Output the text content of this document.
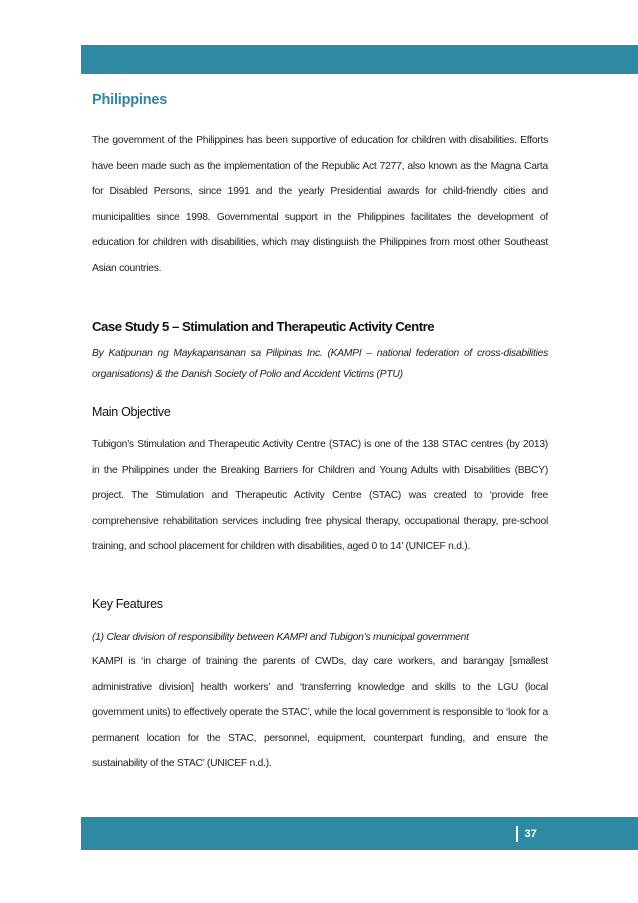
Philippines
The government of the Philippines has been supportive of education for children with disabilities. Efforts have been made such as the implementation of the Republic Act 7277, also known as the Magna Carta for Disabled Persons, since 1991 and the yearly Presidential awards for child-friendly cities and municipalities since 1998. Governmental support in the Philippines facilitates the development of education for children with disabilities, which may distinguish the Philippines from most other Southeast Asian countries.
Case Study 5 – Stimulation and Therapeutic Activity Centre
By Katipunan ng Maykapansanan sa Pilipinas Inc. (KAMPI – national federation of cross-disabilities organisations) & the Danish Society of Polio and Accident Victims (PTU)
Main Objective
Tubigon’s Stimulation and Therapeutic Activity Centre (STAC) is one of the 138 STAC centres (by 2013) in the Philippines under the Breaking Barriers for Children and Young Adults with Disabilities (BBCY) project. The Stimulation and Therapeutic Activity Centre (STAC) was created to ‘provide free comprehensive rehabilitation services including free physical therapy, occupational therapy, pre-school training, and school placement for children with disabilities, aged 0 to 14’ (UNICEF n.d.).
Key Features
(1) Clear division of responsibility between KAMPI and Tubigon’s municipal government
KAMPI is ‘in charge of training the parents of CWDs, day care workers, and barangay [smallest administrative division] health workers’ and ‘transferring knowledge and skills to the LGU (local government units) to effectively operate the STAC’, while the local government is responsible to ‘look for a permanent location for the STAC, personnel, equipment, counterpart funding, and ensure the sustainability of the STAC’ (UNICEF n.d.).
37
